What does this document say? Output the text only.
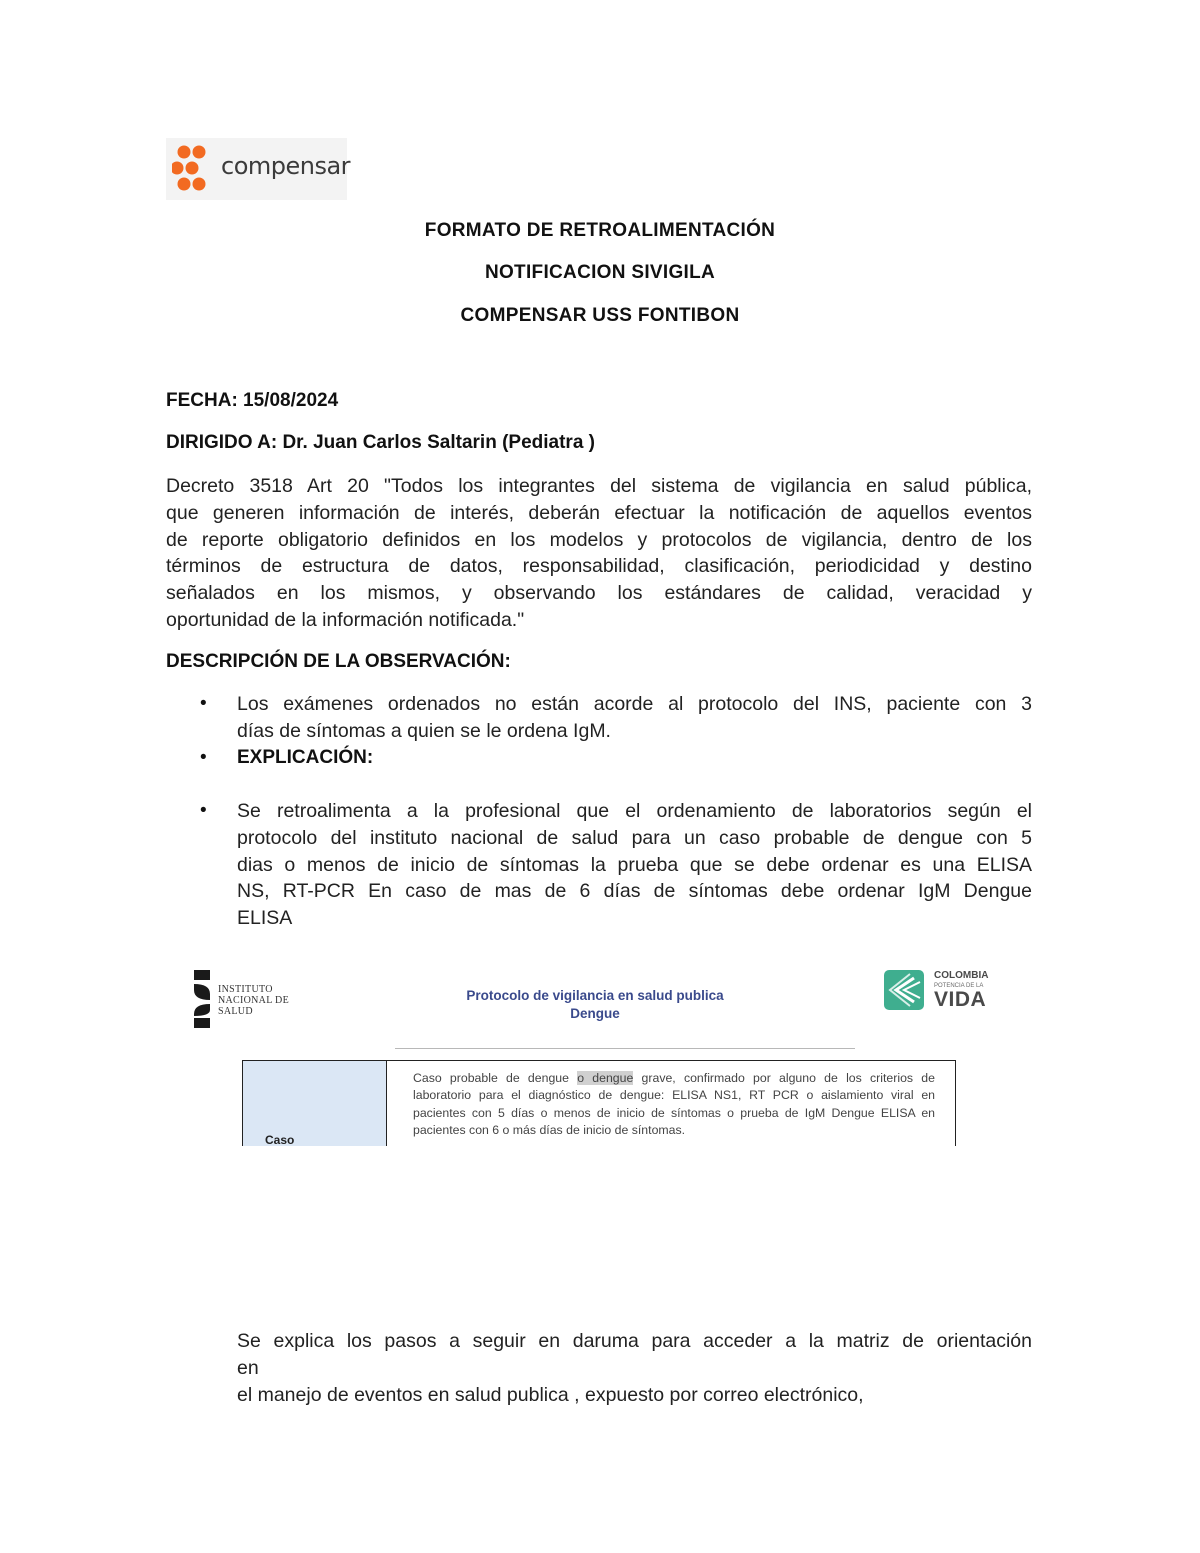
compensar
FORMATO DE RETROALIMENTACIÓN
NOTIFICACION SIVIGILA
COMPENSAR USS FONTIBON
FECHA: 15/08/2024
DIRIGIDO A: Dr. Juan Carlos Saltarin (Pediatra )
Decreto 3518 Art 20 "Todos los integrantes del sistema de vigilancia en salud pública,
que generen información de interés, deberán efectuar la notificación de aquellos eventos
de reporte obligatorio definidos en los modelos y protocolos de vigilancia, dentro de los
términos de estructura de datos, responsabilidad, clasificación, periodicidad y destino
señalados en los mismos, y observando los estándares de calidad, veracidad y
oportunidad de la información notificada."
DESCRIPCIÓN DE LA OBSERVACIÓN:
• Los exámenes ordenados no están acorde al protocolo del INS, paciente con 3
días de síntomas a quien se le ordena IgM.
• EXPLICACIÓN:
• Se retroalimenta a la profesional que el ordenamiento de laboratorios según el
protocolo del instituto nacional de salud para un caso probable de dengue con 5
dias o menos de inicio de síntomas la prueba que se debe ordenar es una ELISA
NS, RT-PCR En caso de mas de 6 días de síntomas debe ordenar IgM Dengue
ELISA
INSTITUTO
NACIONAL DE
SALUD
Protocolo de vigilancia en salud publica
Dengue
COLOMBIA
POTENCIA DE LA
VIDA
Caso
Caso probable de dengue o dengue grave, confirmado por alguno de los criterios de
laboratorio para el diagnóstico de dengue: ELISA NS1, RT PCR o aislamiento viral en
pacientes con 5 días o menos de inicio de síntomas o prueba de IgM Dengue ELISA en
pacientes con 6 o más días de inicio de síntomas.
Se explica los pasos a seguir en daruma para acceder a la matriz de orientación
en
el manejo de eventos en salud publica , expuesto por correo electrónico,
